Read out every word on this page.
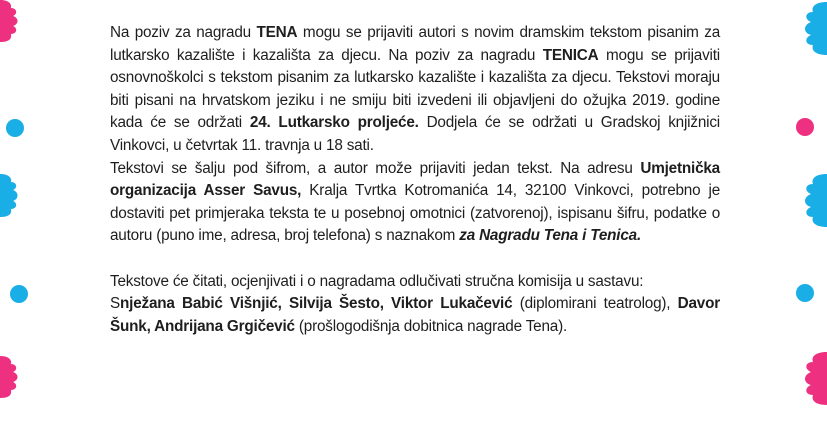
Na poziv za nagradu TENA mogu se prijaviti autori s novim dramskim tekstom pisanim za lutkarsko kazalište i kazališta za djecu. Na poziv za nagradu TENICA mogu se prijaviti osnovnoškolci s tekstom pisanim za lutkarsko kazalište i kazališta za djecu. Tekstovi moraju biti pisani na hrvatskom jeziku i ne smiju biti izvedeni ili objavljeni do ožujka 2019. godine kada će se održati 24. Lutkarsko proljeće. Dodjela će se održati u Gradskoj knjižnici Vinkovci, u četvrtak 11. travnja u 18 sati.

Tekstovi se šalju pod šifrom, a autor može prijaviti jedan tekst. Na adresu Umjetnička organizacija Asser Savus, Kralja Tvrtka Kotromanića 14, 32100 Vinkovci, potrebno je dostaviti pet primjeraka teksta te u posebnoj omotnici (zatvorenoj), ispisanu šifru, podatke o autoru (puno ime, adresa, broj telefona) s naznakom za Nagradu Tena i Tenica.

Tekstove će čitati, ocjenjivati i o nagradama odlučivati stručna komisija u sastavu:
Snježana Babić Višnjić, Silvija Šesto, Viktor Lukačević (diplomirani teatrolog), Davor Šunk, Andrijana Grgičević (prošlogodišnja dobitnica nagrade Tena).
